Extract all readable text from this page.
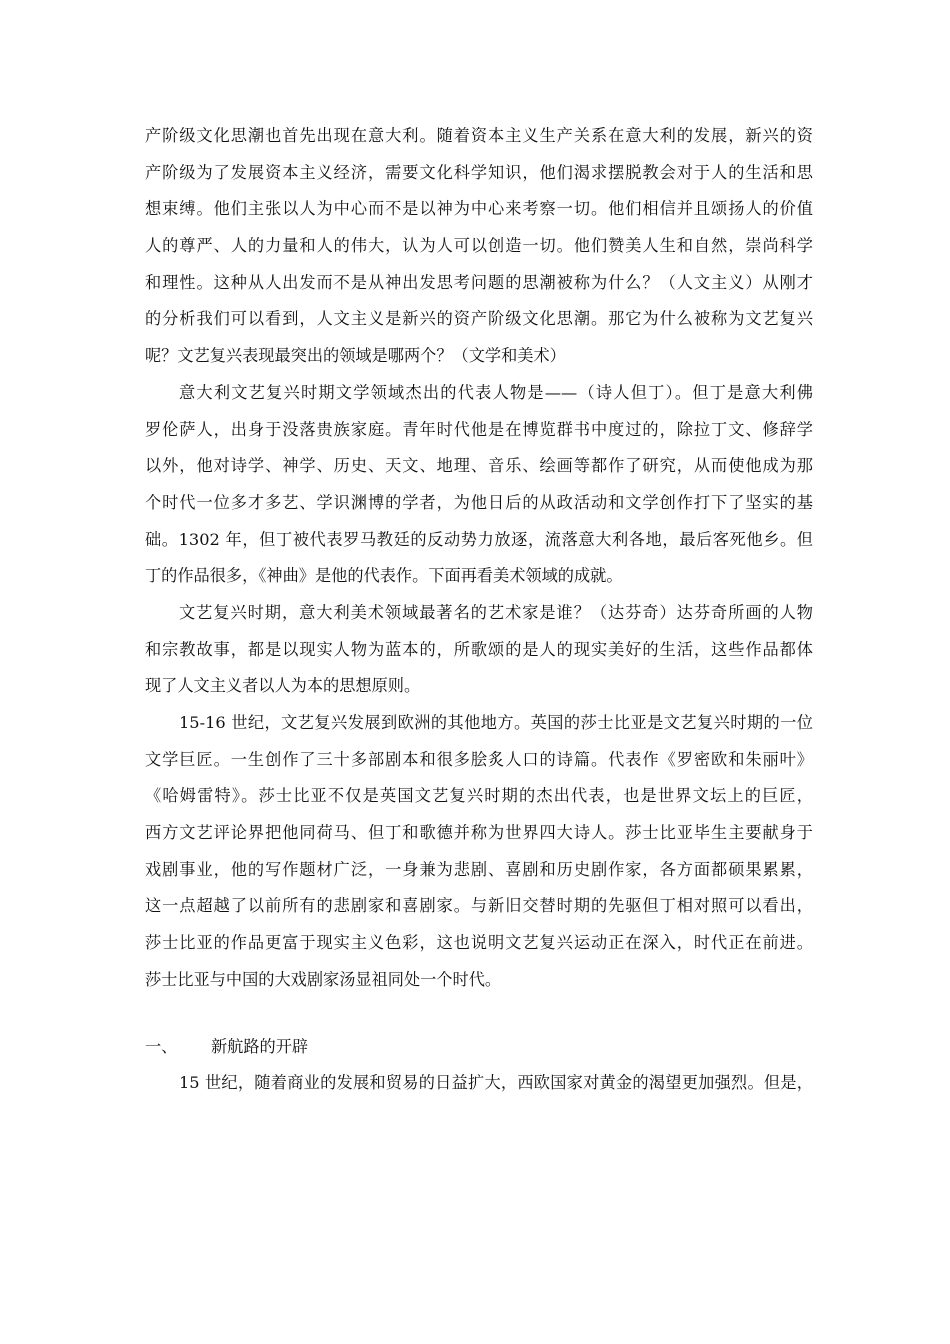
产阶级文化思潮也首先出现在意大利。随着资本主义生产关系在意大利的发展，新兴的资
产阶级为了发展资本主义经济，需要文化科学知识，他们渴求摆脱教会对于人的生活和思
想束缚。他们主张以人为中心而不是以神为中心来考察一切。他们相信并且颂扬人的价值
人的尊严、人的力量和人的伟大，认为人可以创造一切。他们赞美人生和自然，崇尚科学
和理性。这种从人出发而不是从神出发思考问题的思潮被称为什么？（人文主义）从刚才
的分析我们可以看到，人文主义是新兴的资产阶级文化思潮。那它为什么被称为文艺复兴
呢？文艺复兴表现最突出的领域是哪两个？（文学和美术）
意大利文艺复兴时期文学领域杰出的代表人物是——（诗人但丁）。但丁是意大利佛
罗伦萨人，出身于没落贵族家庭。青年时代他是在博览群书中度过的，除拉丁文、修辞学
以外，他对诗学、神学、历史、天文、地理、音乐、绘画等都作了研究，从而使他成为那
个时代一位多才多艺、学识渊博的学者，为他日后的从政活动和文学创作打下了坚实的基
础。1302 年，但丁被代表罗马教廷的反动势力放逐，流落意大利各地，最后客死他乡。但
丁的作品很多，《神曲》是他的代表作。下面再看美术领域的成就。
文艺复兴时期，意大利美术领域最著名的艺术家是谁？（达芬奇）达芬奇所画的人物
和宗教故事，都是以现实人物为蓝本的，所歌颂的是人的现实美好的生活，这些作品都体
现了人文主义者以人为本的思想原则。
15-16 世纪，文艺复兴发展到欧洲的其他地方。英国的莎士比亚是文艺复兴时期的一位
文学巨匠。一生创作了三十多部剧本和很多脍炙人口的诗篇。代表作《罗密欧和朱丽叶》
《哈姆雷特》。莎士比亚不仅是英国文艺复兴时期的杰出代表，也是世界文坛上的巨匠，
西方文艺评论界把他同荷马、但丁和歌德并称为世界四大诗人。莎士比亚毕生主要献身于
戏剧事业，他的写作题材广泛，一身兼为悲剧、喜剧和历史剧作家，各方面都硕果累累，
这一点超越了以前所有的悲剧家和喜剧家。与新旧交替时期的先驱但丁相对照可以看出，
莎士比亚的作品更富于现实主义色彩，这也说明文艺复兴运动正在深入，时代正在前进。
莎士比亚与中国的大戏剧家汤显祖同处一个时代。
一、	新航路的开辟
15 世纪，随着商业的发展和贸易的日益扩大，西欧国家对黄金的渴望更加强烈。但是，
